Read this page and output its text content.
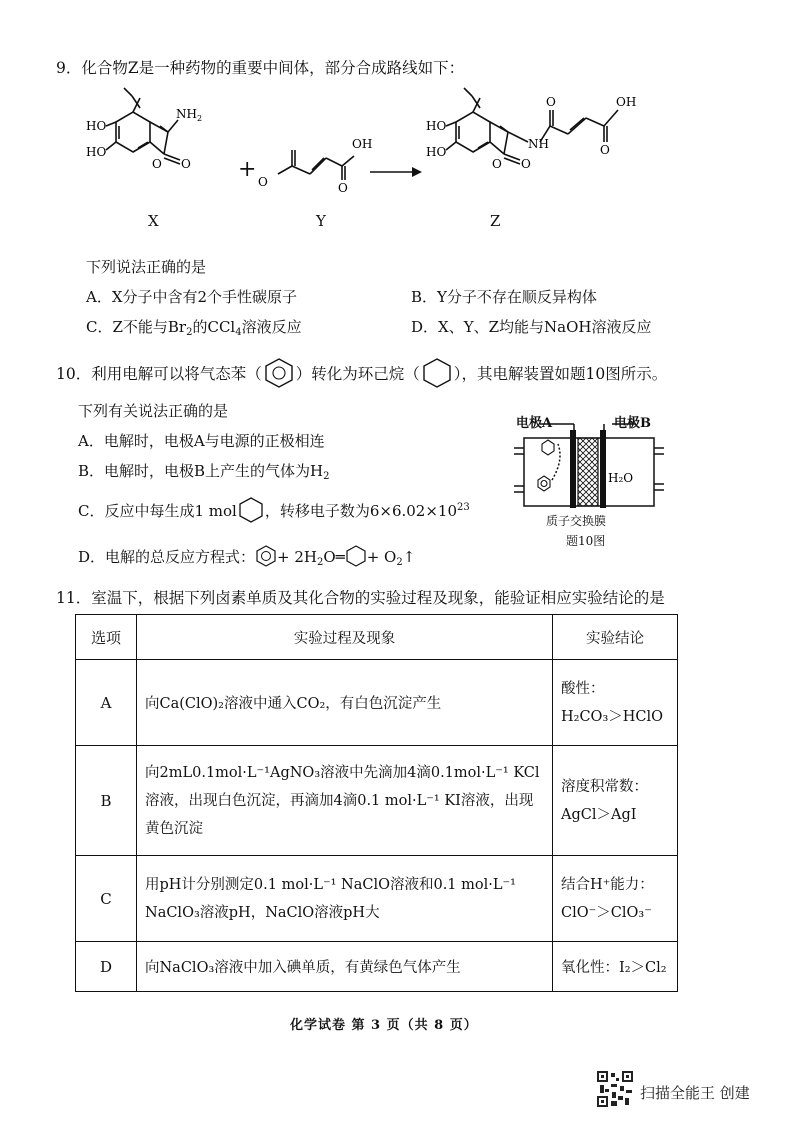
9．化合物Z是一种药物的重要中间体，部分合成路线如下：
$NH_2$
HO
HO
O
O
X
+ O	O
OH
Y
NH
O
O
OH
HO
HO
O
O
Z
下列说法正确的是
A．X分子中含有2个手性碳原子	B．Y分子不存在顺反异构体
C．Z不能与$Br_2$的CCl$_4$溶液反应	D．X、Y、Z均能与NaOH溶液反应
10．利用电解可以将气态苯（ ）转化为环己烷（ ），其电解装置如题10图所示。
下列有关说法正确的是
A．电解时，电极A与电源的正极相连
B．电解时，电极B上产生的气体为$H_2$
C．反应中每生成1 mol ，转移电子数为$6\times 6.02\times 10^{23}$
D．电解的总反应方程式： + $2H_2O═$ + $O_2↑$
电极A	电极B
H₂O
质子交换膜
题10图
11．室温下，根据下列卤素单质及其化合物的实验过程及现象，能验证相应实验结论的是
选项	实验过程及现象	实验结论
A	向Ca(ClO)₂溶液中通入CO₂，有白色沉淀产生	酸性：
H₂CO₃＞HClO

B	向2mL0.1mol·L⁻¹AgNO₃溶液中先滴加4滴0.1mol·L⁻¹ KCl溶液，出现白色沉淀，再滴加4滴0.1 mol·L⁻¹ KI溶液，出现黄色沉淀	溶度积常数：
AgCl＞AgI

C	用pH计分别测定0.1 mol·L⁻¹ NaClO溶液和0.1 mol·L⁻¹ NaClO₃溶液pH，NaClO溶液pH大	结合H⁺能力：
ClO⁻＞ClO₃⁻

D	向NaClO₃溶液中加入碘单质，有黄绿色气体产生	氧化性：I₂＞Cl₂
化学试卷 第 3 页（共 8 页）
扫描全能王 创建
